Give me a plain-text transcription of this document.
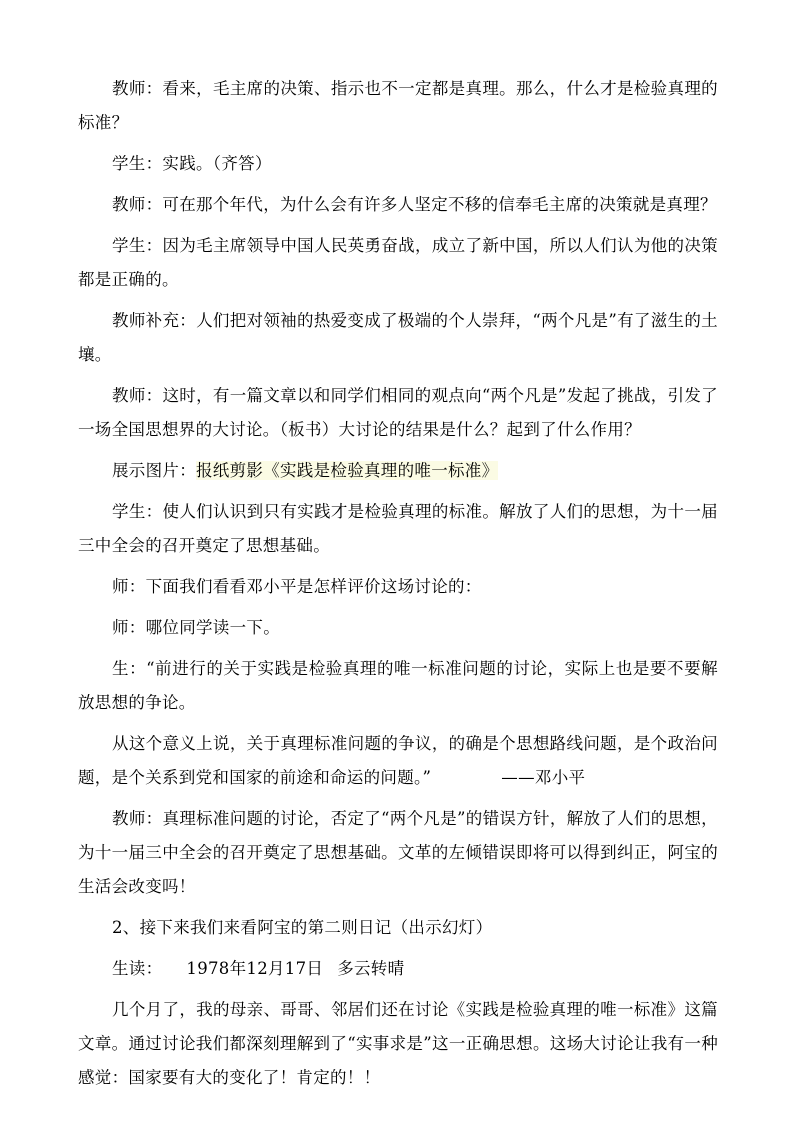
教师：看来，毛主席的决策、指示也不一定都是真理。那么，什么才是检验真理的标准？

学生：实践。（齐答）

教师：可在那个年代，为什么会有许多人坚定不移的信奉毛主席的决策就是真理？

学生：因为毛主席领导中国人民英勇奋战，成立了新中国，所以人们认为他的决策都是正确的。

教师补充：人们把对领袖的热爱变成了极端的个人崇拜，“两个凡是”有了滋生的土壤。

教师：这时，有一篇文章以和同学们相同的观点向“两个凡是”发起了挑战，引发了一场全国思想界的大讨论。（板书）大讨论的结果是什么？起到了什么作用？

展示图片：报纸剪影《实践是检验真理的唯一标准》

学生：使人们认识到只有实践才是检验真理的标准。解放了人们的思想，为十一届三中全会的召开奠定了思想基础。

师：下面我们看看邓小平是怎样评价这场讨论的：

师：哪位同学读一下。

生：“前进行的关于实践是检验真理的唯一标准问题的讨论，实际上也是要不要解放思想的争论。

从这个意义上说，关于真理标准问题的争议，的确是个思想路线问题，是个政治问题，是个关系到党和国家的前途和命运的问题。”	——邓小平

教师：真理标准问题的讨论，否定了“两个凡是”的错误方针，解放了人们的思想，为十一届三中全会的召开奠定了思想基础。文革的左倾错误即将可以得到纠正，阿宝的生活会改变吗！

2、接下来我们来看阿宝的第二则日记（出示幻灯）

生读： 1978年12月17日 多云转晴

几个月了，我的母亲、哥哥、邻居们还在讨论《实践是检验真理的唯一标准》这篇文章。通过讨论我们都深刻理解到了“实事求是”这一正确思想。这场大讨论让我有一种感觉：国家要有大的变化了！肯定的！！
